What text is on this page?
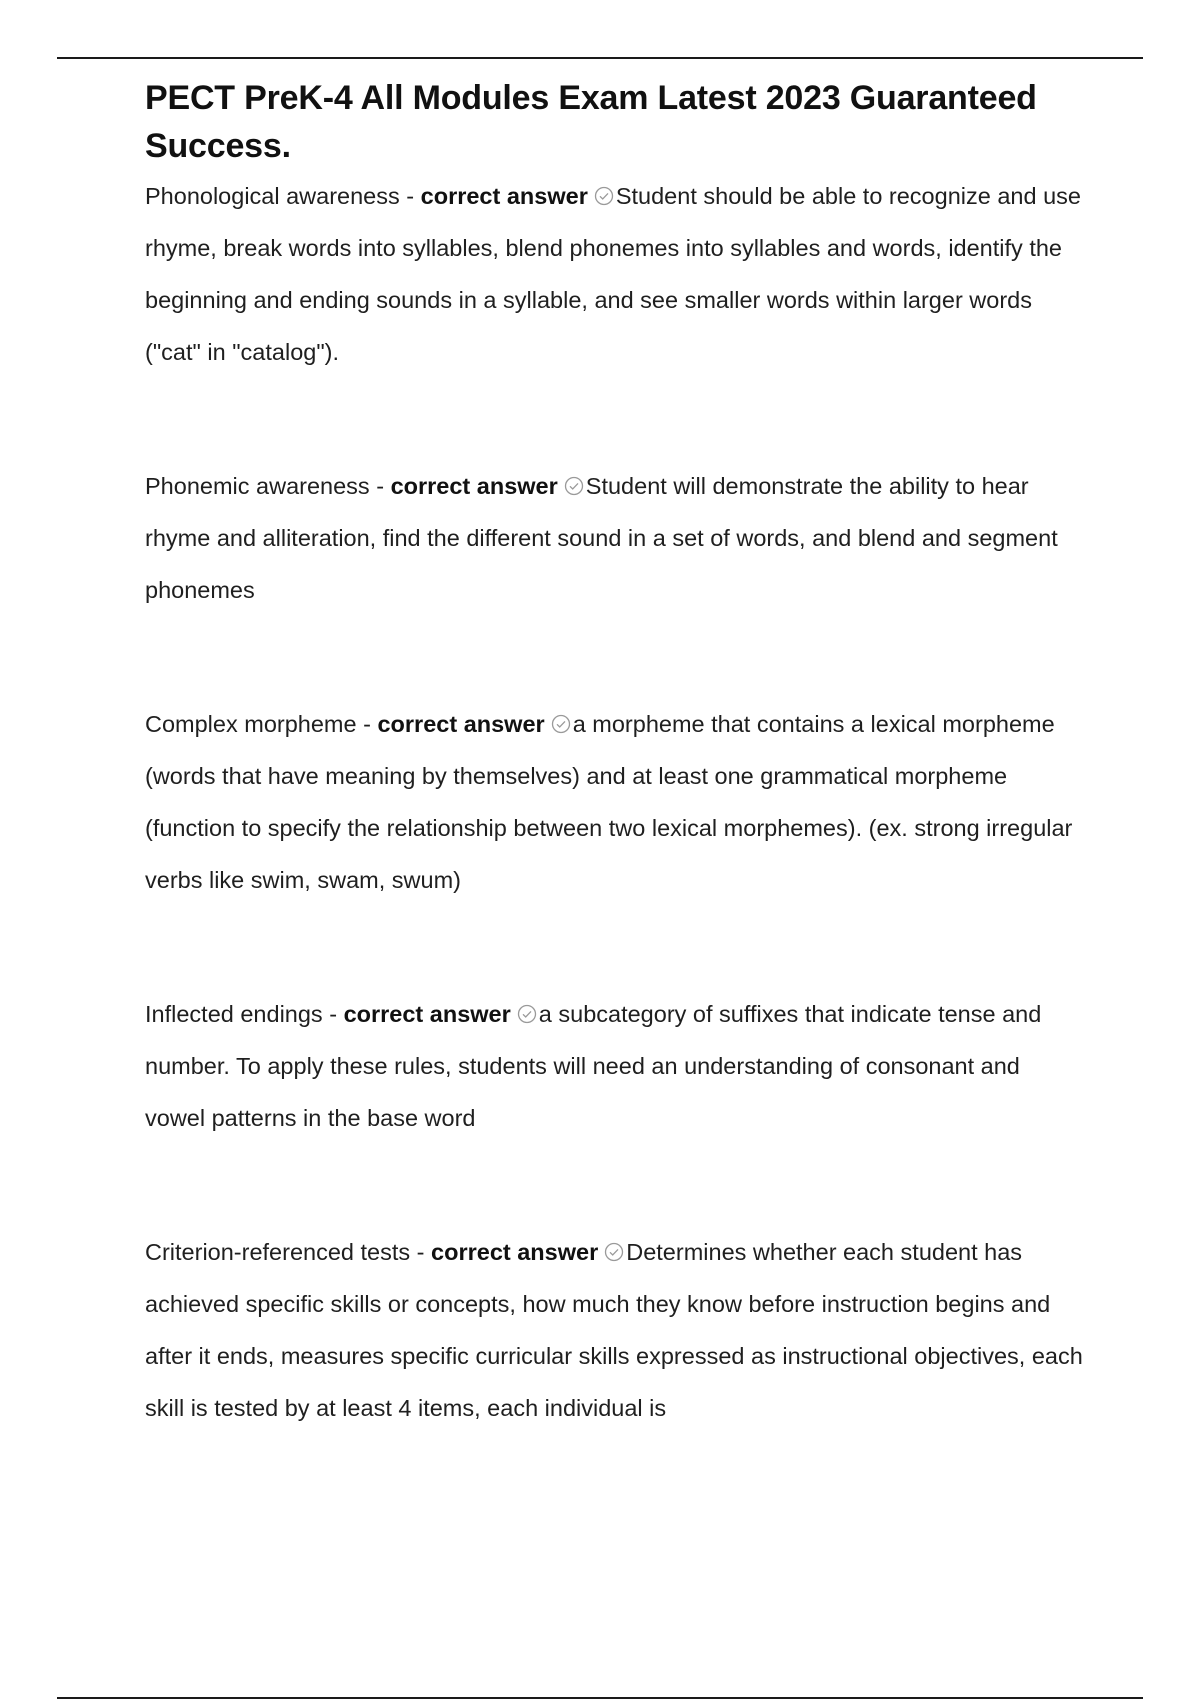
PECT PreK-4 All Modules Exam Latest 2023 Guaranteed Success.

Phonological awareness - correct answer Student should be able to recognize and use rhyme, break words into syllables, blend phonemes into syllables and words, identify the beginning and ending sounds in a syllable, and see smaller words within larger words ("cat" in "catalog").

Phonemic awareness - correct answer Student will demonstrate the ability to hear rhyme and alliteration, find the different sound in a set of words, and blend and segment phonemes

Complex morpheme - correct answer a morpheme that contains a lexical morpheme (words that have meaning by themselves) and at least one grammatical morpheme (function to specify the relationship between two lexical morphemes). (ex. strong irregular verbs like swim, swam, swum)

Inflected endings - correct answer a subcategory of suffixes that indicate tense and number. To apply these rules, students will need an understanding of consonant and vowel patterns in the base word

Criterion-referenced tests - correct answer Determines whether each student has achieved specific skills or concepts, how much they know before instruction begins and after it ends, measures specific curricular skills expressed as instructional objectives, each skill is tested by at least 4 items, each individual is
